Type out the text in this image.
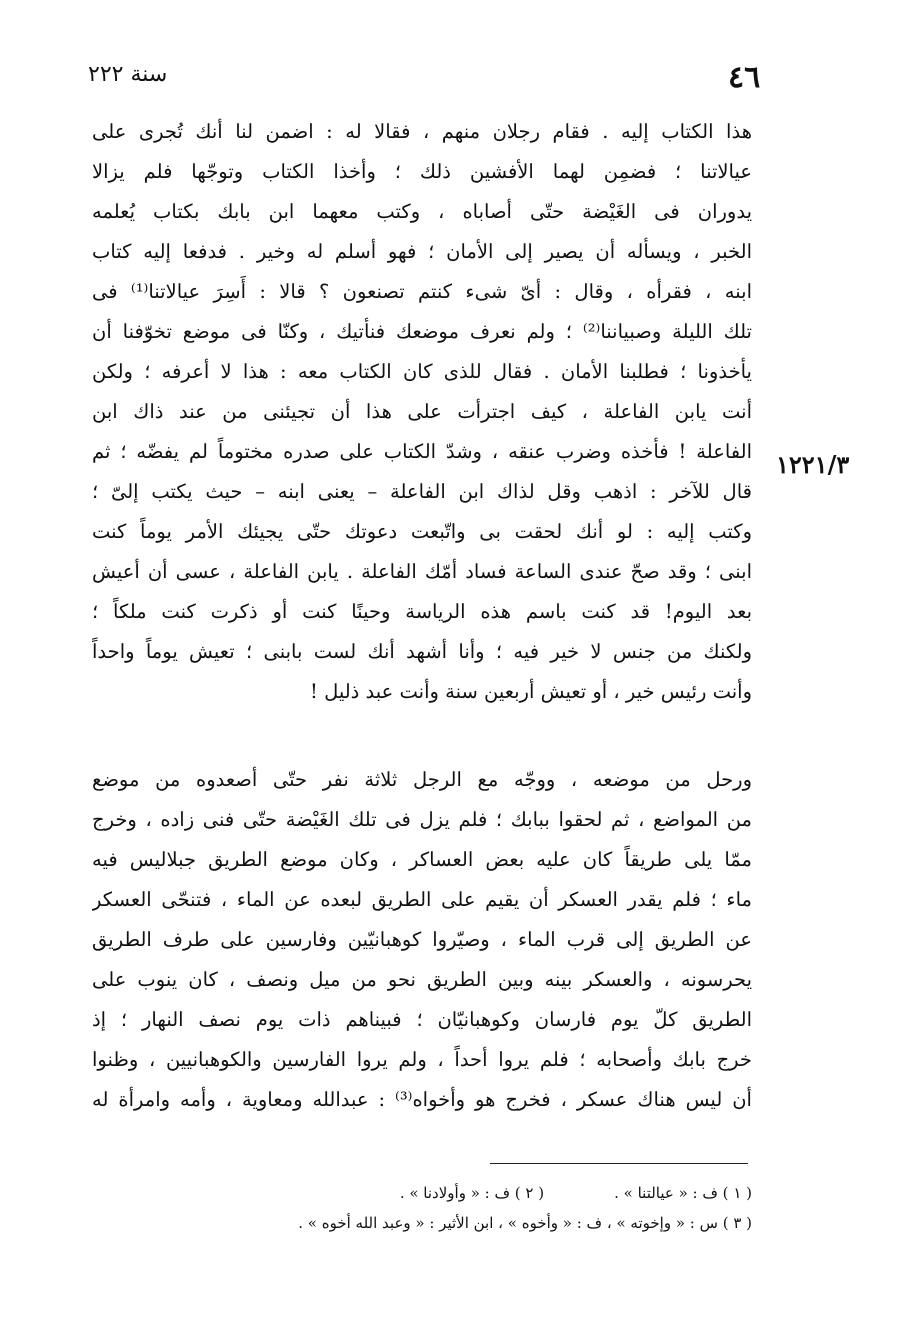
٤٦
سنة ٢٢٢
هذا الكتاب إليه . فقام رجلان منهم ، فقالا له : اضمن لنا أنك تُجرى على
عيالاتنا ؛ فضمِن لهما الأفشين ذلك ؛ وأخذا الكتاب وتوجّها فلم يزالا
يدوران فى الغَيْضة حتّى أصاباه ، وكتب معهما ابن بابك بكتاب يُعلمه
الخبر ، ويسأله أن يصير إلى الأمان ؛ فهو أسلم له وخير . فدفعا إليه كتاب
ابنه ، فقرأه ، وقال : أىّ شىء كنتم تصنعون ؟ قالا : أَسِرَ عيالاتنا⁽¹⁾ فى
تلك الليلة وصبياننا⁽²⁾ ؛ ولم نعرف موضعك فنأتيك ، وكنّا فى موضع تخوّفنا أن
يأخذونا ؛ فطلبنا الأمان . فقال للذى كان الكتاب معه : هذا لا أعرفه ؛ ولكن
أنت يابن الفاعلة ، كيف اجترأت على هذا أن تجيئنى من عند ذاك ابن
الفاعلة ! فأخذه وضرب عنقه ، وشدّ الكتاب على صدره مختوماً لم يفضّه ؛ ثم
قال للآخر : اذهب وقل لذاك ابن الفاعلة – يعنى ابنه – حيث يكتب إلىّ ؛
وكتب إليه : لو أنك لحقت بى واتّبعت دعوتك حتّى يجيئك الأمر يوماً كنت
ابنى ؛ وقد صحّ عندى الساعة فساد أمّك الفاعلة . يابن الفاعلة ، عسى أن أعيش
بعد اليوم! قد كنت باسم هذه الرياسة وحينًا كنت أو ذكرت كنت ملكاً ؛
ولكنك من جنس لا خير فيه ؛ وأنا أشهد أنك لست بابنى ؛ تعيش يوماً واحداً
وأنت رئيس خير ، أو تعيش أربعين سنة وأنت عبد ذليل !
١٢٢١/٣
ورحل من موضعه ، ووجّه مع الرجل ثلاثة نفر حتّى أصعدوه من موضع
من المواضع ، ثم لحقوا ببابك ؛ فلم يزل فى تلك الغَيْضة حتّى فنى زاده ، وخرج
ممّا يلى طريقاً كان عليه بعض العساكر ، وكان موضع الطريق جبلاليس فيه
ماء ؛ فلم يقدر العسكر أن يقيم على الطريق لبعده عن الماء ، فتنحّى العسكر
عن الطريق إلى قرب الماء ، وصيّروا كوهبانيّين وفارسين على طرف الطريق
يحرسونه ، والعسكر بينه وبين الطريق نحو من ميل ونصف ، كان ينوب على
الطريق كلّ يوم فارسان وكوهبانيّان ؛ فبيناهم ذات يوم نصف النهار ؛ إذ
خرج بابك وأصحابه ؛ فلم يروا أحداً ، ولم يروا الفارسين والكوهبانيين ، وظنوا
أن ليس هناك عسكر ، فخرج هو وأخواه⁽³⁾ : عبدالله ومعاوية ، وأمه وامرأة له
( ١ ) ف : « عيالتنا » .( ٢ ) ف : « وأولادنا » .
( ٣ ) س : « وإخوته » ، ف : « وأخوه » ، ابن الأثير : « وعبد الله أخوه » .
